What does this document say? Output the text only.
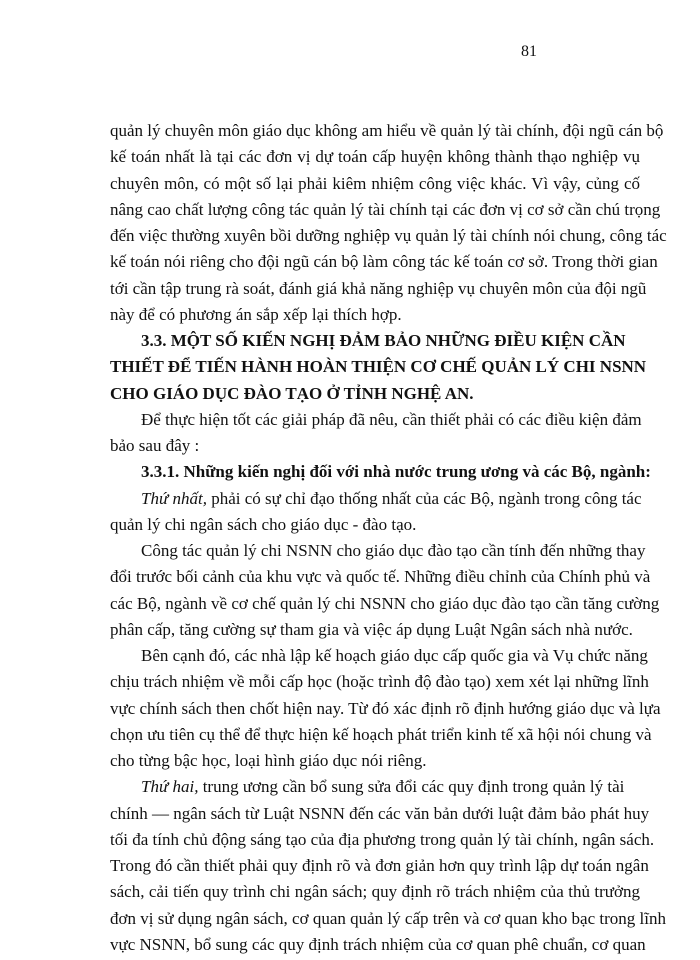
81
quản lý chuyên môn giáo dục không am hiểu về quản lý tài chính, đội ngũ cán bộ
kế toán nhất là tại các đơn vị dự toán cấp huyện không thành thạo nghiệp vụ
chuyên môn, có một số lại phải kiêm nhiệm công việc khác. Vì vậy, củng cố
nâng cao chất lượng công tác quản lý tài chính tại các đơn vị cơ sở cần chú trọng
đến việc thường xuyên bồi dưỡng nghiệp vụ quản lý tài chính nói chung, công tác
kế toán nói riêng cho đội ngũ cán bộ làm công tác kế toán cơ sở. Trong thời gian
tới cần tập trung rà soát, đánh giá khả năng nghiệp vụ chuyên môn của đội ngũ
này để có phương án sắp xếp lại thích hợp.
3.3. MỘT SỐ KIẾN NGHỊ ĐẢM BẢO NHỮNG ĐIỀU KIỆN CẦN
THIẾT ĐỂ TIẾN HÀNH HOÀN THIỆN CƠ CHẾ QUẢN LÝ CHI NSNN
CHO GIÁO DỤC ĐÀO TẠO Ở TỈNH NGHỆ AN.
Để thực hiện tốt các giải pháp đã nêu, cần thiết phải có các điều kiện đảm
bảo sau đây :
3.3.1. Những kiến nghị đối với nhà nước trung ương và các Bộ, ngành:
Thứ nhất, phải có sự chỉ đạo thống nhất của các Bộ, ngành trong công tác
quản lý chi ngân sách cho giáo dục - đào tạo.
Công tác quản lý chi NSNN cho giáo dục đào tạo cần tính đến những thay
đổi trước bối cảnh của khu vực và quốc tế. Những điều chỉnh của Chính phủ và
các Bộ, ngành về cơ chế quản lý chi NSNN cho giáo dục đào tạo cần tăng cường
phân cấp, tăng cường sự tham gia và việc áp dụng Luật Ngân sách nhà nước.
Bên cạnh đó, các nhà lập kế hoạch giáo dục cấp quốc gia và Vụ chức năng
chịu trách nhiệm về mỗi cấp học (hoặc trình độ đào tạo) xem xét lại những lĩnh
vực chính sách then chốt hiện nay. Từ đó xác định rõ định hướng giáo dục và lựa
chọn ưu tiên cụ thể để thực hiện kế hoạch phát triển kinh tế xã hội nói chung và
cho từng bậc học, loại hình giáo dục nói riêng.
Thứ hai, trung ương cần bổ sung sửa đổi các quy định trong quản lý tài
chính — ngân sách từ Luật NSNN đến các văn bản dưới luật đảm bảo phát huy
tối đa tính chủ động sáng tạo của địa phương trong quản lý tài chính, ngân sách.
Trong đó cần thiết phải quy định rõ và đơn giản hơn quy trình lập dự toán ngân
sách, cải tiến quy trình chi ngân sách; quy định rõ trách nhiệm của thủ trưởng
đơn vị sử dụng ngân sách, cơ quan quản lý cấp trên và cơ quan kho bạc trong lĩnh
vực NSNN, bổ sung các quy định trách nhiệm của cơ quan phê chuẩn, cơ quan
